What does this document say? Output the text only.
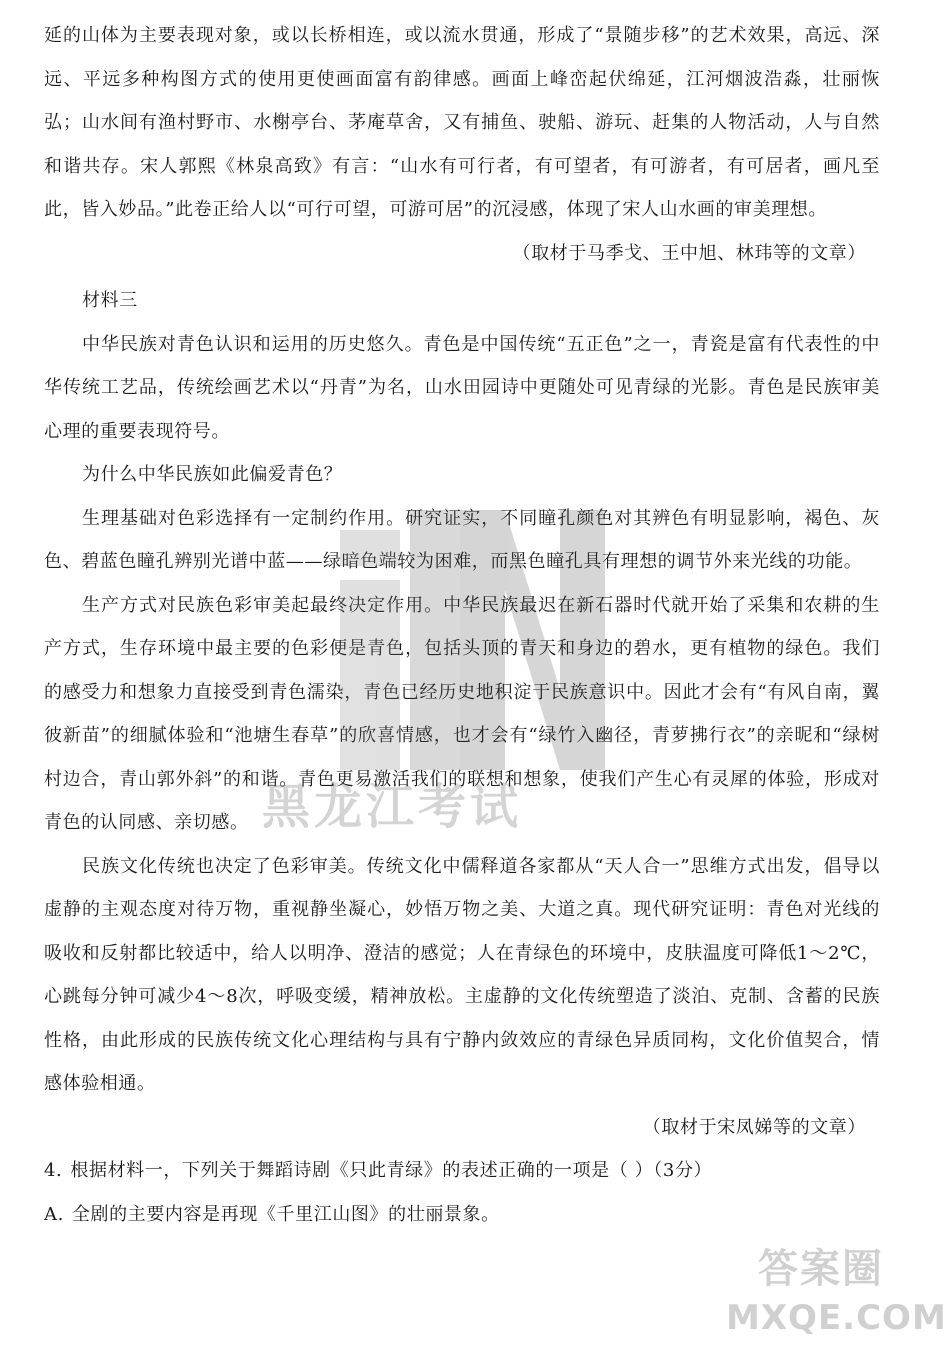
延的山体为主要表现对象，或以长桥相连，或以流水贯通，形成了“景随步移”的艺术效果，高远、深远、平远多种构图方式的使用更使画面富有韵律感。画面上峰峦起伏绵延，江河烟波浩淼，壮丽恢弘；山水间有渔村野市、水榭亭台、茅庵草舍，又有捕鱼、驶船、游玩、赶集的人物活动，人与自然和谐共存。宋人郭熙《林泉高致》有言：“山水有可行者，有可望者，有可游者，有可居者，画凡至此，皆入妙品。”此卷正给人以“可行可望，可游可居”的沉浸感，体现了宋人山水画的审美理想。

（取材于马季戈、王中旭、林玮等的文章）

材料三

中华民族对青色认识和运用的历史悠久。青色是中国传统“五正色”之一，青瓷是富有代表性的中华传统工艺品，传统绘画艺术以“丹青”为名，山水田园诗中更随处可见青绿的光影。青色是民族审美心理的重要表现符号。

为什么中华民族如此偏爱青色？

生理基础对色彩选择有一定制约作用。研究证实，不同瞳孔颜色对其辨色有明显影响，褐色、灰色、碧蓝色瞳孔辨别光谱中蓝——绿暗色端较为困难，而黑色瞳孔具有理想的调节外来光线的功能。

生产方式对民族色彩审美起最终决定作用。中华民族最迟在新石器时代就开始了采集和农耕的生产方式，生存环境中最主要的色彩便是青色，包括头顶的青天和身边的碧水，更有植物的绿色。我们的感受力和想象力直接受到青色濡染，青色已经历史地积淀于民族意识中。因此才会有“有风自南，翼彼新苗”的细腻体验和“池塘生春草”的欣喜情感，也才会有“绿竹入幽径，青萝拂行衣”的亲昵和“绿树村边合，青山郭外斜”的和谐。青色更易激活我们的联想和想象，使我们产生心有灵犀的体验，形成对青色的认同感、亲切感。

民族文化传统也决定了色彩审美。传统文化中儒释道各家都从“天人合一”思维方式出发，倡导以虚静的主观态度对待万物，重视静坐凝心，妙悟万物之美、大道之真。现代研究证明：青色对光线的吸收和反射都比较适中，给人以明净、澄洁的感觉；人在青绿色的环境中，皮肤温度可降低1～2℃，心跳每分钟可减少4～8次，呼吸变缓，精神放松。主虚静的文化传统塑造了淡泊、克制、含蓄的民族性格，由此形成的民族传统文化心理结构与具有宁静内敛效应的青绿色异质同构，文化价值契合，情感体验相通。

（取材于宋凤娣等的文章）

4. 根据材料一，下列关于舞蹈诗剧《只此青绿》的表述正确的一项是（ ）（3分）

A. 全剧的主要内容是再现《千里江山图》的壮丽景象。

黑龙江考试
答案圈
MXQE.COM
